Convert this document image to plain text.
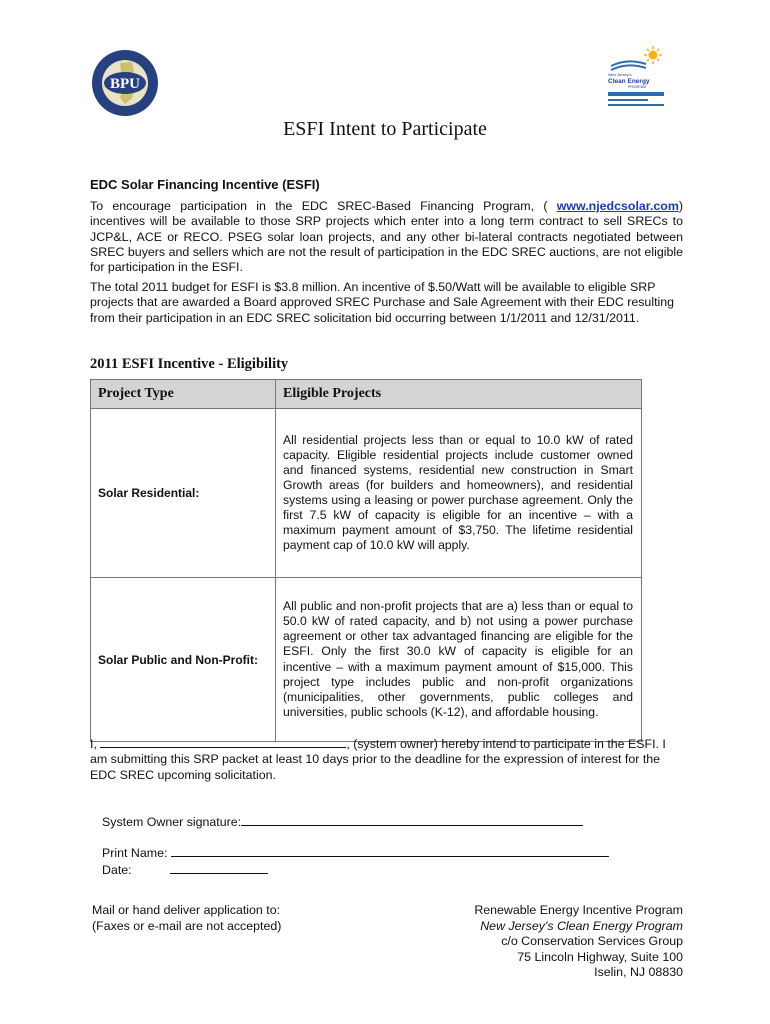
BPU
New Jersey's
Clean Energy
PROGRAM
ESFI Intent to Participate

EDC Solar Financing Incentive (ESFI)

To encourage participation in the EDC SREC-Based Financing Program, ( www.njedcsolar.com) incentives will be available to those SRP projects which enter into a long term contract to sell SRECs to JCP&L, ACE or RECO. PSEG solar loan projects, and any other bi-lateral contracts negotiated between SREC buyers and sellers which are not the result of participation in the EDC SREC auctions, are not eligible for participation in the ESFI.

The total 2011 budget for ESFI is $3.8 million. An incentive of $.50/Watt will be available to eligible SRP projects that are awarded a Board approved SREC Purchase and Sale Agreement with their EDC resulting from their participation in an EDC SREC solicitation bid occurring between 1/1/2011 and 12/31/2011.

2011 ESFI Incentive - Eligibility
Project Type	Eligible Projects
Solar Residential:	All residential projects less than or equal to 10.0 kW of rated capacity. Eligible residential projects include customer owned and financed systems, residential new construction in Smart Growth areas (for builders and homeowners), and residential systems using a leasing or power purchase agreement. Only the first 7.5 kW of capacity is eligible for an incentive – with a maximum payment amount of $3,750. The lifetime residential payment cap of 10.0 kW will apply.

Solar Public and Non-Profit:	All public and non-profit projects that are a) less than or equal to 50.0 kW of rated capacity, and b) not using a power purchase agreement or other tax advantaged financing are eligible for the ESFI. Only the first 30.0 kW of capacity is eligible for an incentive – with a maximum payment amount of $15,000. This project type includes public and non-profit organizations (municipalities, other governments, public colleges and universities, public schools (K-12), and affordable housing.

I,	, (system owner) hereby intend to participate in the ESFI. I am submitting this SRP packet at least 10 days prior to the deadline for the expression of interest for the EDC SREC upcoming solicitation.

System Owner signature:
Print Name:
Date:
Mail or hand deliver application to:
(Faxes or e-mail are not accepted)
Renewable Energy Incentive Program
New Jersey's Clean Energy Program
c/o Conservation Services Group
75 Lincoln Highway, Suite 100
Iselin, NJ 08830
